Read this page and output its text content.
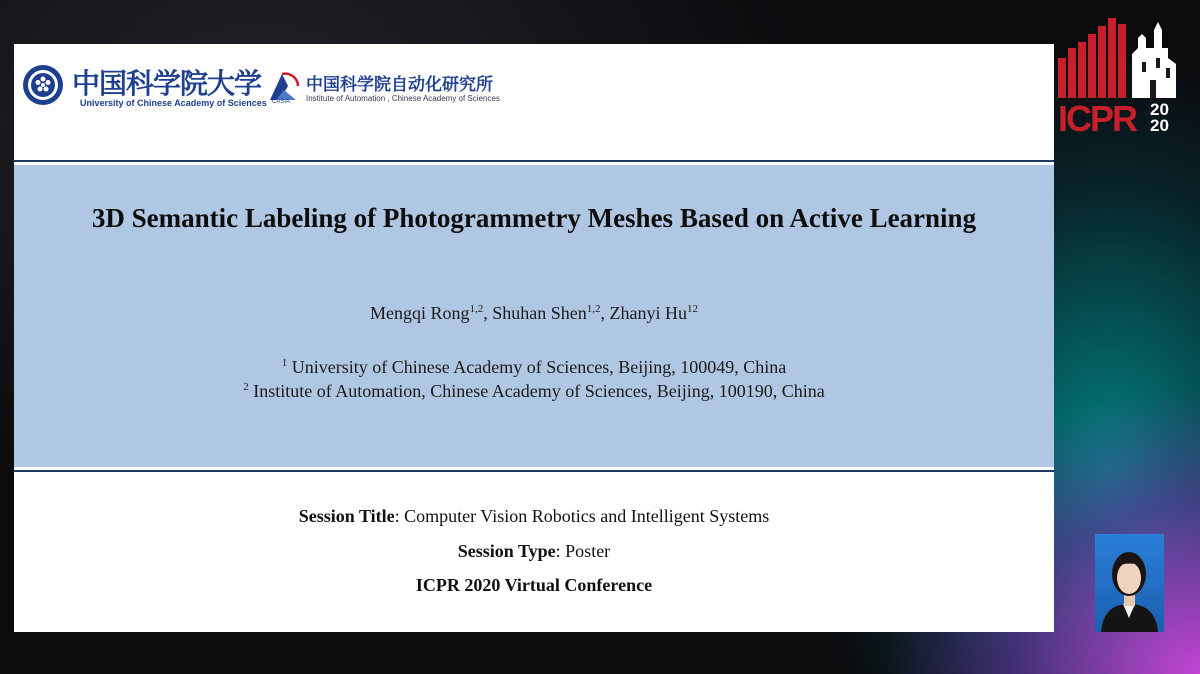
中国科学院大学
University of Chinese Academy of Sciences CASIA
中国科学院自动化研究所
Institute of Automation , Chinese Academy of Sciences
3D Semantic Labeling of Photogrammetry Meshes Based on Active Learning
Mengqi Rong$^{1,2}$, Shuhan Shen$^{1,2}$, Zhanyi Hu$^{12}$
$^1$ University of Chinese Academy of Sciences, Beijing, 100049, China
$^2$ Institute of Automation, Chinese Academy of Sciences, Beijing, 100190, China
Session Title: Computer Vision Robotics and Intelligent Systems
Session Type: Poster
ICPR 2020 Virtual Conference
ICPR 20
20
